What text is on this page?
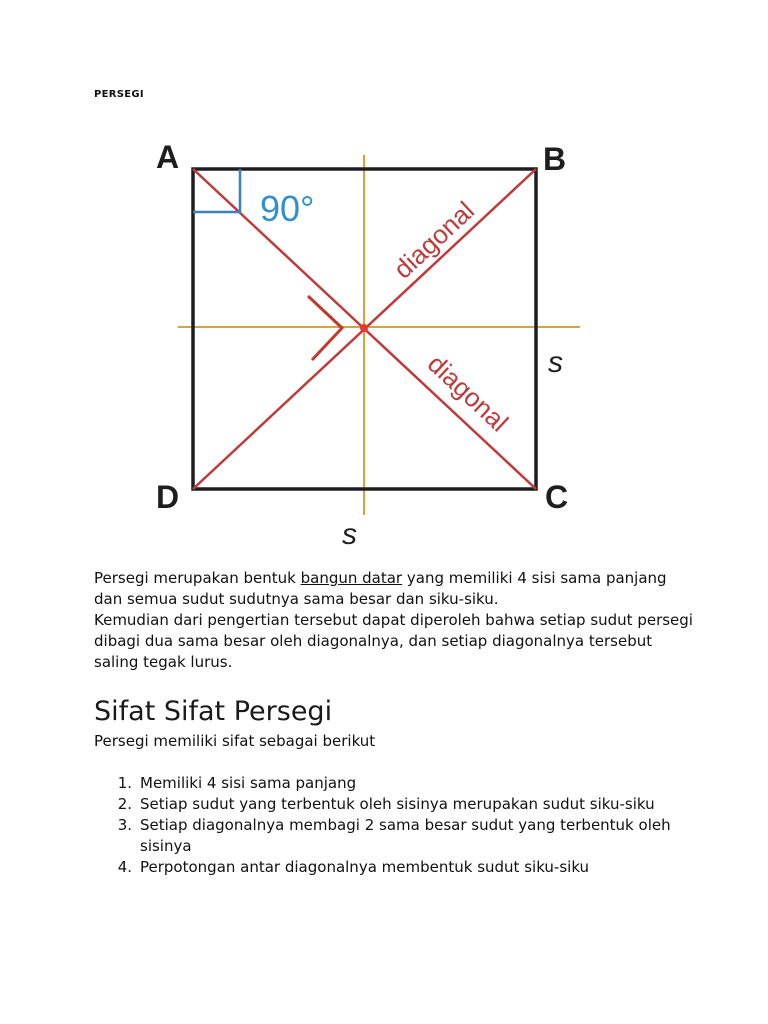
PERSEGI
90°
A	B
D	C
diagonal
diagonal s
s

Persegi merupakan bentuk bangun datar yang memiliki 4 sisi sama panjang dan semua sudut sudutnya sama besar dan siku-siku.

Kemudian dari pengertian tersebut dapat diperoleh bahwa setiap sudut persegi dibagi dua sama besar oleh diagonalnya, dan setiap diagonalnya tersebut saling tegak lurus.

Sifat Sifat Persegi

Persegi memiliki sifat sebagai berikut

1. Memiliki 4 sisi sama panjang
2. Setiap sudut yang terbentuk oleh sisinya merupakan sudut siku-siku
3. Setiap diagonalnya membagi 2 sama besar sudut yang terbentuk oleh sisinya
4. Perpotongan antar diagonalnya membentuk sudut siku-siku
